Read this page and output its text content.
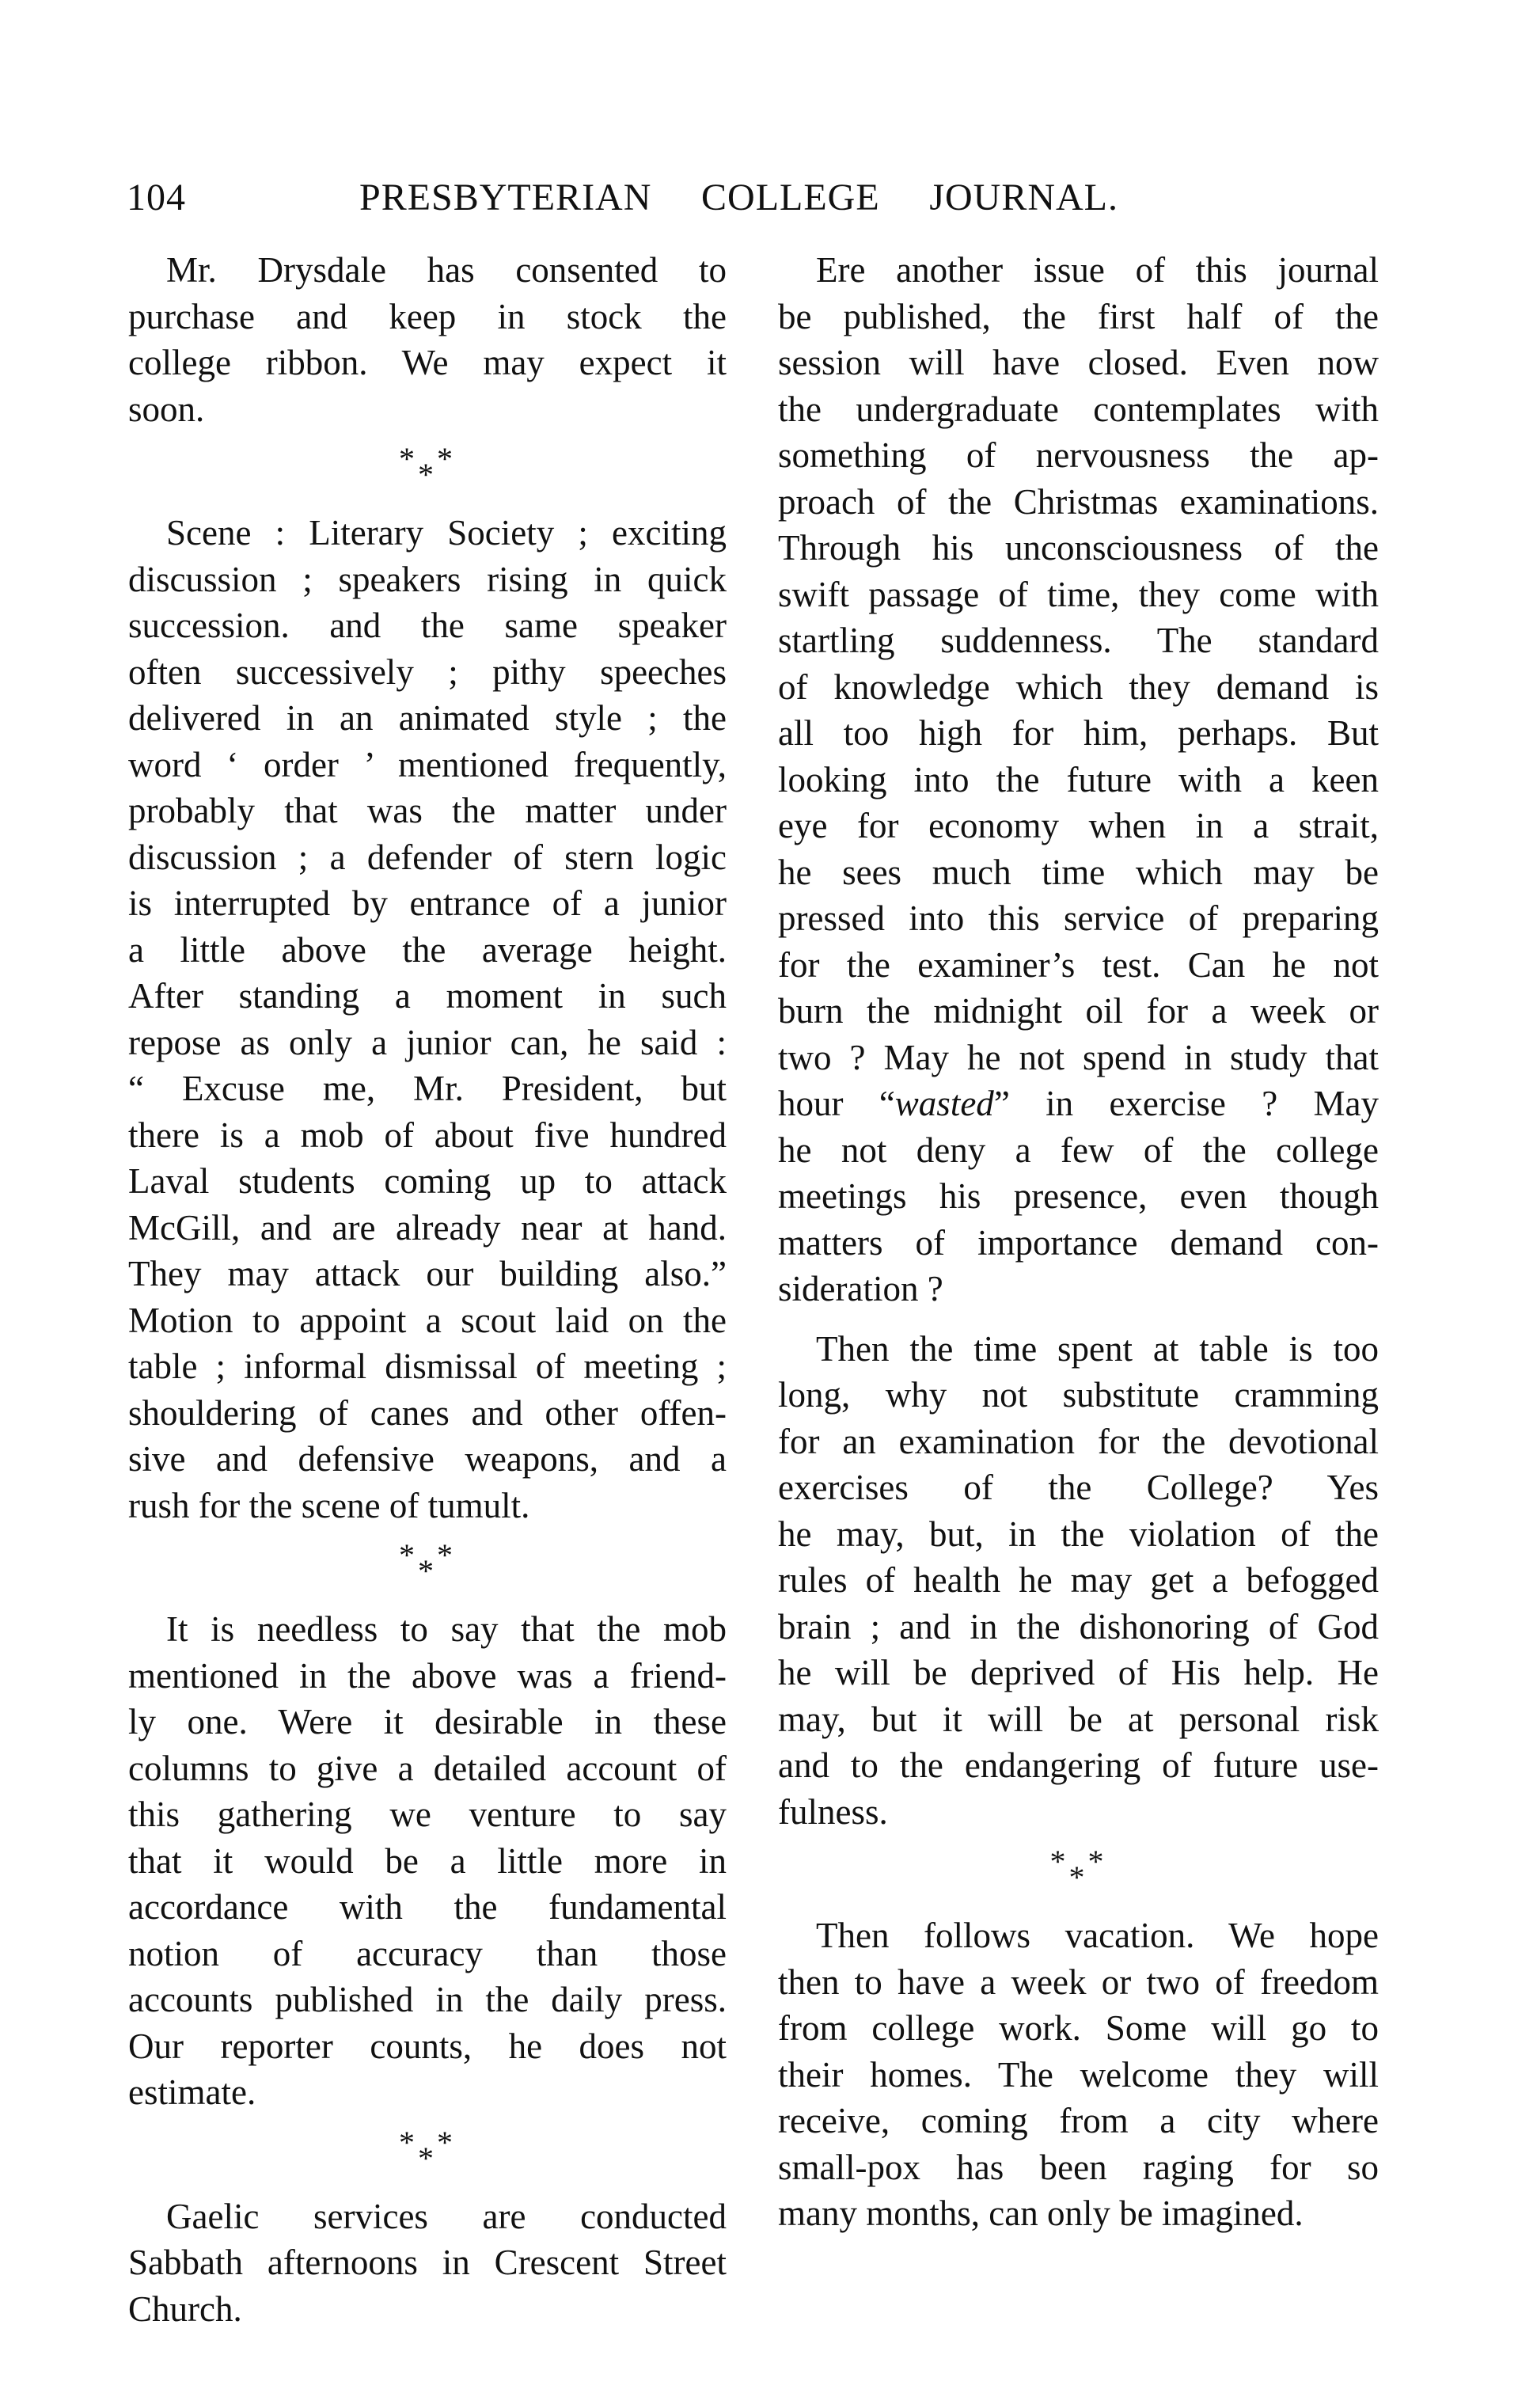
104	PRESBYTERIAN COLLEGE JOURNAL.
Mr. Drysdale has consented to
purchase and keep in stock the
college ribbon. We may expect it
soon.
* * *
Scene : Literary Society ; exciting
discussion ; speakers rising in quick
succession. and the same speaker
often successively ; pithy speeches
delivered in an animated style ; the
word ‘ order ’ mentioned frequently,
probably that was the matter under
discussion ; a defender of stern logic
is interrupted by entrance of a junior
a little above the average height.
After standing a moment in such
repose as only a junior can, he said :
“ Excuse me, Mr. President, but
there is a mob of about five hundred
Laval students coming up to attack
McGill, and are already near at hand.
They may attack our building also.”
Motion to appoint a scout laid on the
table ; informal dismissal of meeting ;
shouldering of canes and other offen-
sive and defensive weapons, and a
rush for the scene of tumult.
* * *
It is needless to say that the mob
mentioned in the above was a friend-
ly one. Were it desirable in these
columns to give a detailed account of
this gathering we venture to say
that it would be a little more in
accordance with the fundamental
notion of accuracy than those
accounts published in the daily press.
Our reporter counts, he does not
estimate.
* * *
Gaelic services are conducted
Sabbath afternoons in Crescent Street
Church.
Ere another issue of this journal
be published, the first half of the
session will have closed. Even now
the undergraduate contemplates with
something of nervousness the ap-
proach of the Christmas examinations.
Through his unconsciousness of the
swift passage of time, they come with
startling suddenness. The standard
of knowledge which they demand is
all too high for him, perhaps. But
looking into the future with a keen
eye for economy when in a strait,
he sees much time which may be
pressed into this service of preparing
for the examiner’s test. Can he not
burn the midnight oil for a week or
two ? May he not spend in study that
hour “wasted” in exercise ? May
he not deny a few of the college
meetings his presence, even though
matters of importance demand con-
sideration ?
Then the time spent at table is too
long, why not substitute cramming
for an examination for the devotional
exercises of the College? Yes
he may, but, in the violation of the
rules of health he may get a befogged
brain ; and in the dishonoring of God
he will be deprived of His help. He
may, but it will be at personal risk
and to the endangering of future use-
fulness.
* * *
Then follows vacation. We hope
then to have a week or two of freedom
from college work. Some will go to
their homes. The welcome they will
receive, coming from a city where
small-pox has been raging for so
many months, can only be imagined.
